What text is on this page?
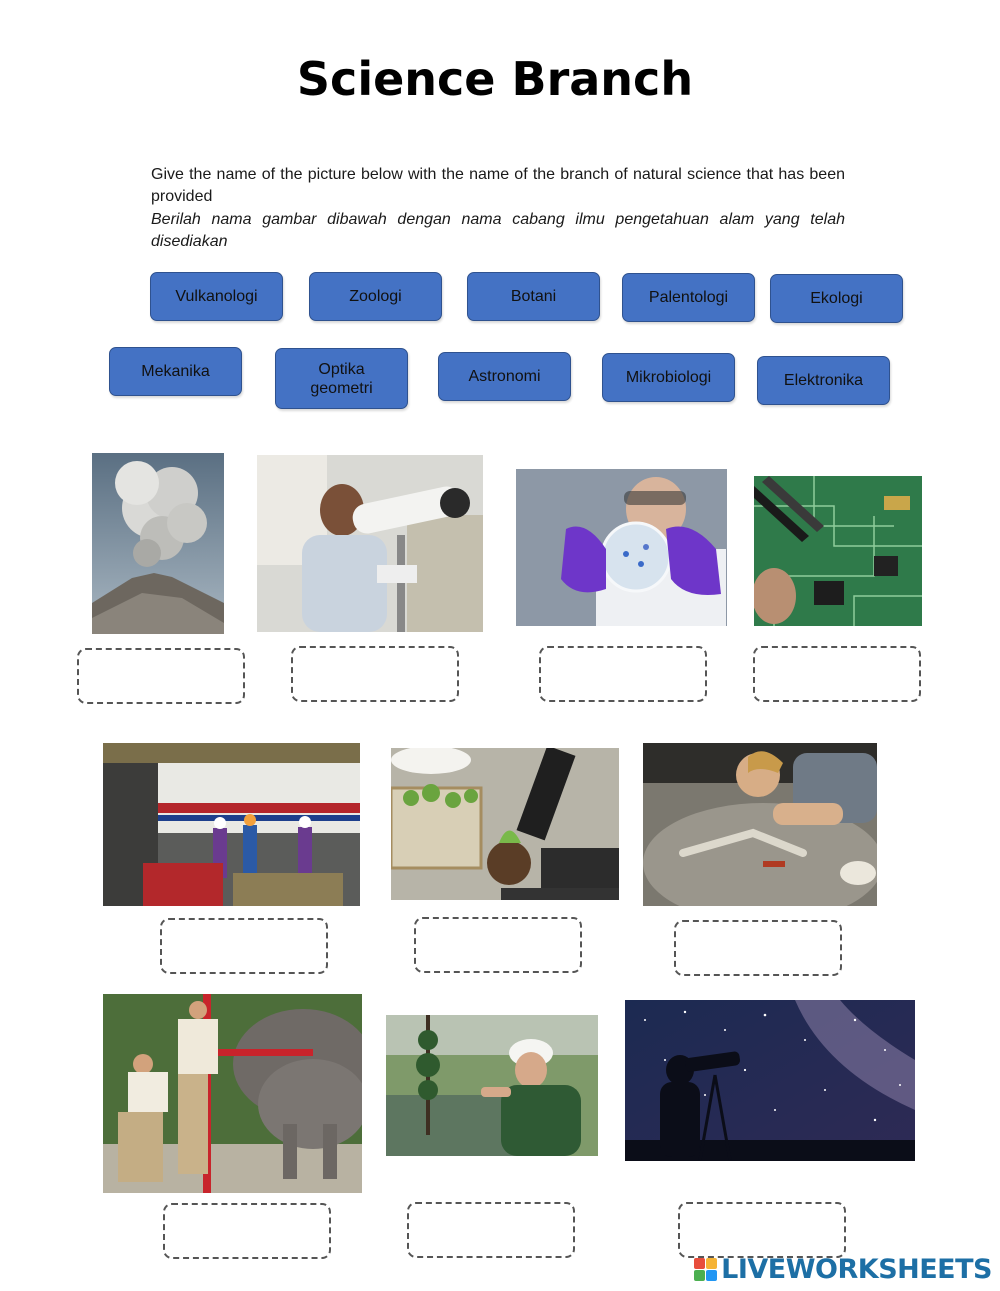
Science Branch
Give the name of the picture below with the name of the branch of natural science that has been provided
Berilah nama gambar dibawah dengan nama cabang ilmu pengetahuan alam yang telah disediakan
Vulkanologi	Zoologi	Botani	Palentologi	Ekologi
Mekanika	Optika geometri
Astronomi	Mikrobiologi	Elektronika
LIVEWORKSHEETS
